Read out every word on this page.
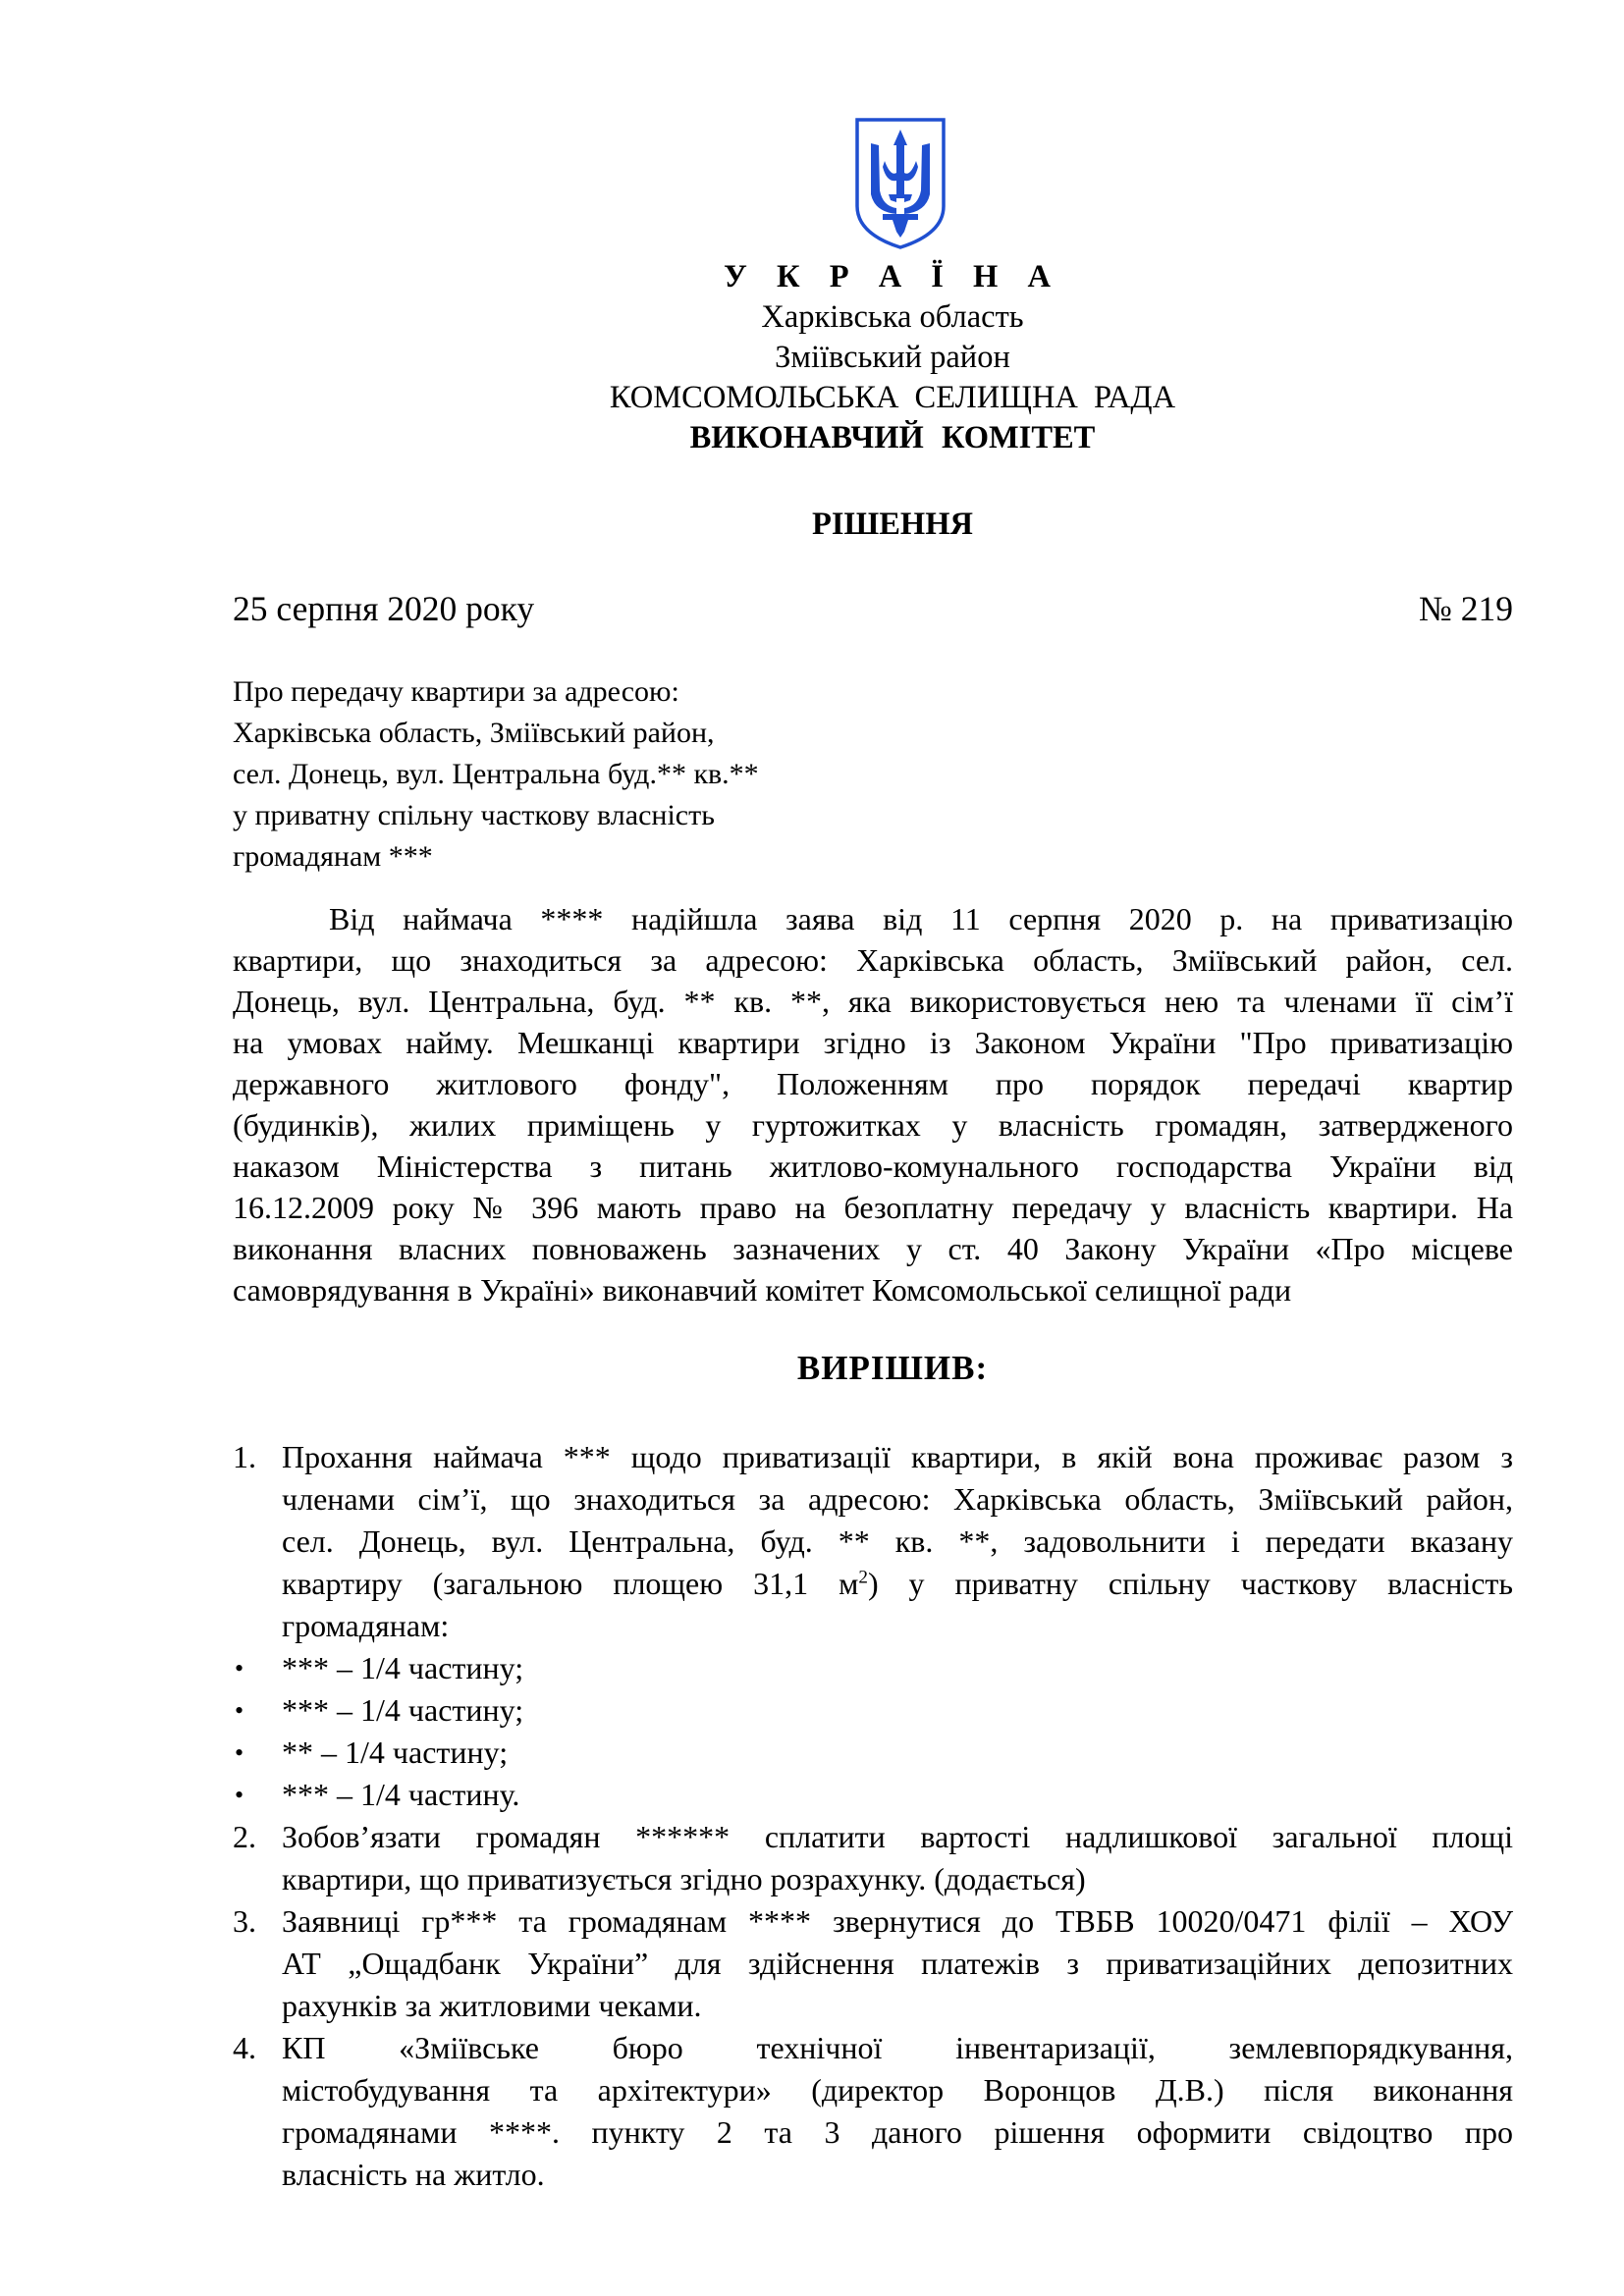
У К Р А Ї Н А
Харківська область
Зміївський район
КОМСОМОЛЬСЬКА СЕЛИЩНА РАДА
ВИКОНАВЧИЙ КОМІТЕТ
РІШЕННЯ
25 серпня 2020 року	№ 219
Про передачу квартири за адресою:
Харківська область, Зміївський район,
сел. Донець, вул. Центральна буд.** кв.**
у приватну спільну часткову власність
громадянам ***
Від наймача **** надійшла заява від 11 серпня 2020 р. на приватизацію
квартири, що знаходиться за адресою: Харківська область, Зміївський район, сел.
Донець, вул. Центральна, буд. ** кв. **, яка використовується нею та членами її сім’ї
на умовах найму. Мешканці квартири згідно із Законом України "Про приватизацію
державного житлового фонду", Положенням про порядок передачі квартир
(будинків), жилих приміщень у гуртожитках у власність громадян, затвердженого
наказом Міністерства з питань житлово-комунального господарства України від
16.12.2009 року № 396 мають право на безоплатну передачу у власність квартири. На
виконання власних повноважень зазначених у ст. 40 Закону України «Про місцеве
самоврядування в Україні» виконавчий комітет Комсомольської селищної ради
ВИРІШИВ:
1. Прохання наймача *** щодо приватизації квартири, в якій вона проживає разом з
членами сім’ї, що знаходиться за адресою: Харківська область, Зміївський район,
сел. Донець, вул. Центральна, буд. ** кв. **, задовольнити і передати вказану
квартиру (загальною площею 31,1 $м^2$) у приватну спільну часткову власність
громадянам:
• *** – 1/4 частину;
• *** – 1/4 частину;
• ** – 1/4 частину;
• *** – 1/4 частину.
2. Зобов’язати громадян ****** сплатити вартості надлишкової загальної площі
квартири, що приватизується згідно розрахунку. (додається)
3. Заявниці гр*** та громадянам **** звернутися до ТВБВ 10020/0471 філії – ХОУ
АТ „Ощадбанк України” для здійснення платежів з приватизаційних депозитних
рахунків за житловими чеками.
4. КП «Зміївське бюро технічної інвентаризації, землевпорядкування,
містобудування та архітектури» (директор Воронцов Д.В.) після виконання
громадянами ****. пункту 2 та 3 даного рішення оформити свідоцтво про
власність на житло.
